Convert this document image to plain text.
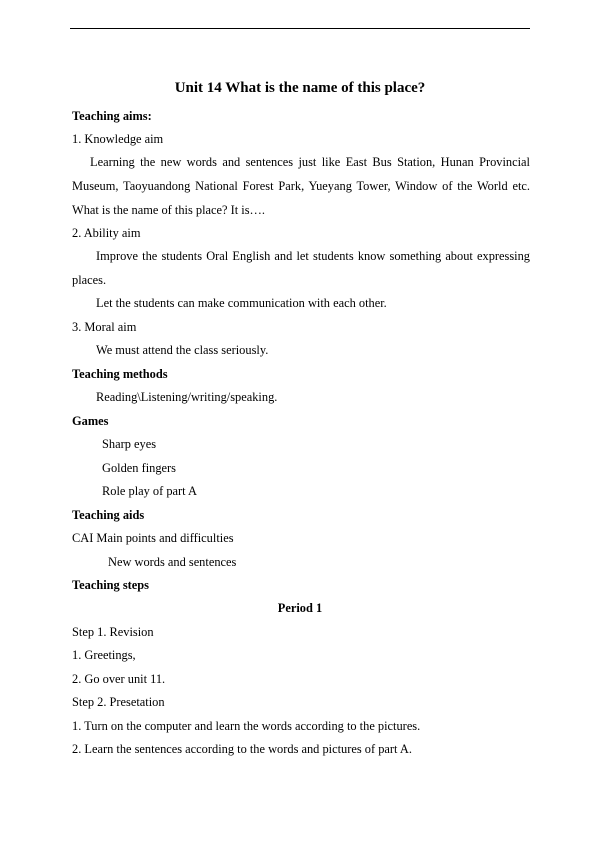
Unit 14 What is the name of this place?
Teaching aims:
1. Knowledge aim
Learning the new words and sentences just like East Bus Station, Hunan Provincial
Museum, Taoyuandong National Forest Park, Yueyang Tower, Window of the World etc.
What is the name of this place? It is….
2. Ability aim
Improve the students Oral English and let students know something about expressing
places.
Let the students can make communication with each other.
3. Moral aim
We must attend the class seriously.
Teaching methods
Reading\Listening/writing/speaking.
Games
Sharp eyes
Golden fingers
Role play of part A
Teaching aids
CAI Main points and difficulties
New words and sentences
Teaching steps
Period 1
Step 1. Revision
1. Greetings,
2. Go over unit 11.
Step 2. Presetation
1. Turn on the computer and learn the words according to the pictures.
2. Learn the sentences according to the words and pictures of part A.
